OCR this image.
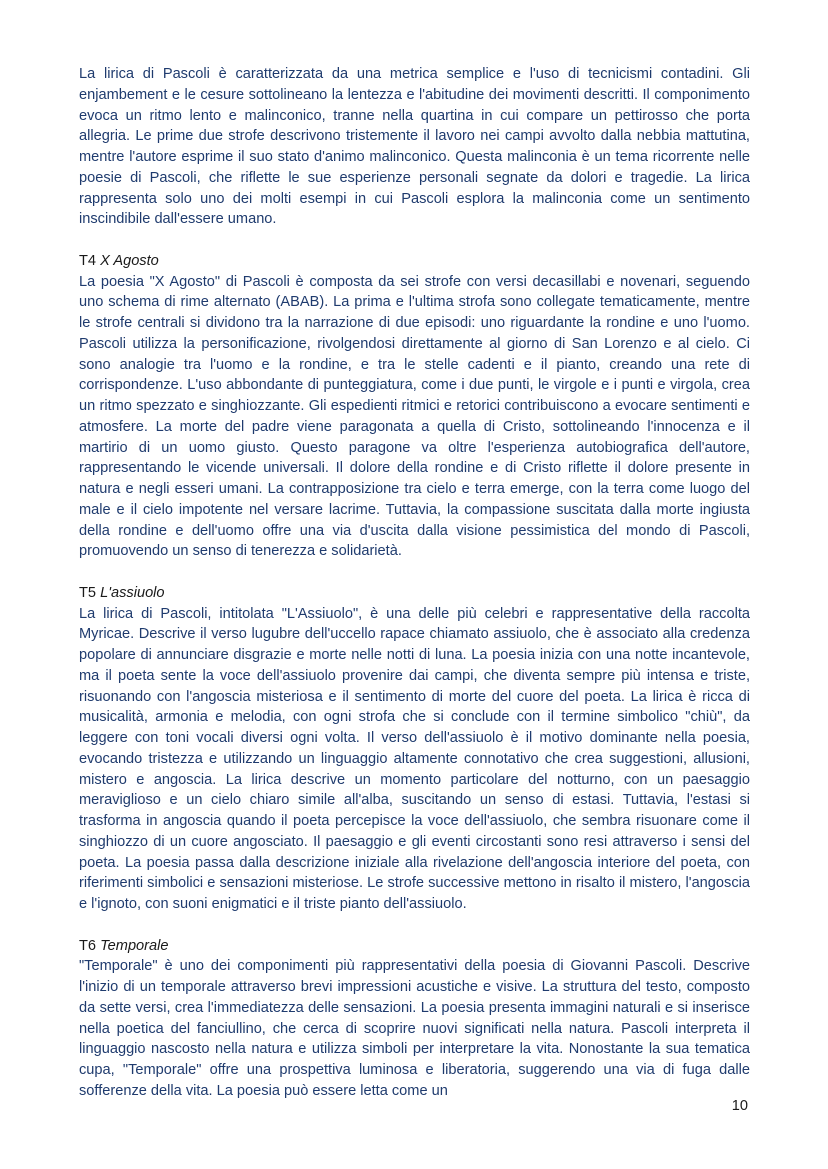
La lirica di Pascoli è caratterizzata da una metrica semplice e l'uso di tecnicismi contadini. Gli enjambement e le cesure sottolineano la lentezza e l'abitudine dei movimenti descritti. Il componimento evoca un ritmo lento e malinconico, tranne nella quartina in cui compare un pettirosso che porta allegria. Le prime due strofe descrivono tristemente il lavoro nei campi avvolto dalla nebbia mattutina, mentre l'autore esprime il suo stato d'animo malinconico. Questa malinconia è un tema ricorrente nelle poesie di Pascoli, che riflette le sue esperienze personali segnate da dolori e tragedie. La lirica rappresenta solo uno dei molti esempi in cui Pascoli esplora la malinconia come un sentimento inscindibile dall'essere umano.

T4 X Agosto

La poesia "X Agosto" di Pascoli è composta da sei strofe con versi decasillabi e novenari, seguendo uno schema di rime alternato (ABAB). La prima e l'ultima strofa sono collegate tematicamente, mentre le strofe centrali si dividono tra la narrazione di due episodi: uno riguardante la rondine e uno l'uomo. Pascoli utilizza la personificazione, rivolgendosi direttamente al giorno di San Lorenzo e al cielo. Ci sono analogie tra l'uomo e la rondine, e tra le stelle cadenti e il pianto, creando una rete di corrispondenze. L'uso abbondante di punteggiatura, come i due punti, le virgole e i punti e virgola, crea un ritmo spezzato e singhiozzante. Gli espedienti ritmici e retorici contribuiscono a evocare sentimenti e atmosfere. La morte del padre viene paragonata a quella di Cristo, sottolineando l'innocenza e il martirio di un uomo giusto. Questo paragone va oltre l'esperienza autobiografica dell'autore, rappresentando le vicende universali. Il dolore della rondine e di Cristo riflette il dolore presente in natura e negli esseri umani. La contrapposizione tra cielo e terra emerge, con la terra come luogo del male e il cielo impotente nel versare lacrime. Tuttavia, la compassione suscitata dalla morte ingiusta della rondine e dell'uomo offre una via d'uscita dalla visione pessimistica del mondo di Pascoli, promuovendo un senso di tenerezza e solidarietà.

T5 L'assiuolo

La lirica di Pascoli, intitolata "L'Assiuolo", è una delle più celebri e rappresentative della raccolta Myricae. Descrive il verso lugubre dell'uccello rapace chiamato assiuolo, che è associato alla credenza popolare di annunciare disgrazie e morte nelle notti di luna. La poesia inizia con una notte incantevole, ma il poeta sente la voce dell'assiuolo provenire dai campi, che diventa sempre più intensa e triste, risuonando con l'angoscia misteriosa e il sentimento di morte del cuore del poeta. La lirica è ricca di musicalità, armonia e melodia, con ogni strofa che si conclude con il termine simbolico "chiù", da leggere con toni vocali diversi ogni volta. Il verso dell'assiuolo è il motivo dominante nella poesia, evocando tristezza e utilizzando un linguaggio altamente connotativo che crea suggestioni, allusioni, mistero e angoscia. La lirica descrive un momento particolare del notturno, con un paesaggio meraviglioso e un cielo chiaro simile all'alba, suscitando un senso di estasi. Tuttavia, l'estasi si trasforma in angoscia quando il poeta percepisce la voce dell'assiuolo, che sembra risuonare come il singhiozzo di un cuore angosciato. Il paesaggio e gli eventi circostanti sono resi attraverso i sensi del poeta. La poesia passa dalla descrizione iniziale alla rivelazione dell'angoscia interiore del poeta, con riferimenti simbolici e sensazioni misteriose. Le strofe successive mettono in risalto il mistero, l'angoscia e l'ignoto, con suoni enigmatici e il triste pianto dell'assiuolo.

T6 Temporale

"Temporale" è uno dei componimenti più rappresentativi della poesia di Giovanni Pascoli. Descrive l'inizio di un temporale attraverso brevi impressioni acustiche e visive. La struttura del testo, composto da sette versi, crea l'immediatezza delle sensazioni. La poesia presenta immagini naturali e si inserisce nella poetica del fanciullino, che cerca di scoprire nuovi significati nella natura. Pascoli interpreta il linguaggio nascosto nella natura e utilizza simboli per interpretare la vita. Nonostante la sua tematica cupa, "Temporale" offre una prospettiva luminosa e liberatoria, suggerendo una via di fuga dalle sofferenze della vita. La poesia può essere letta come un

10
